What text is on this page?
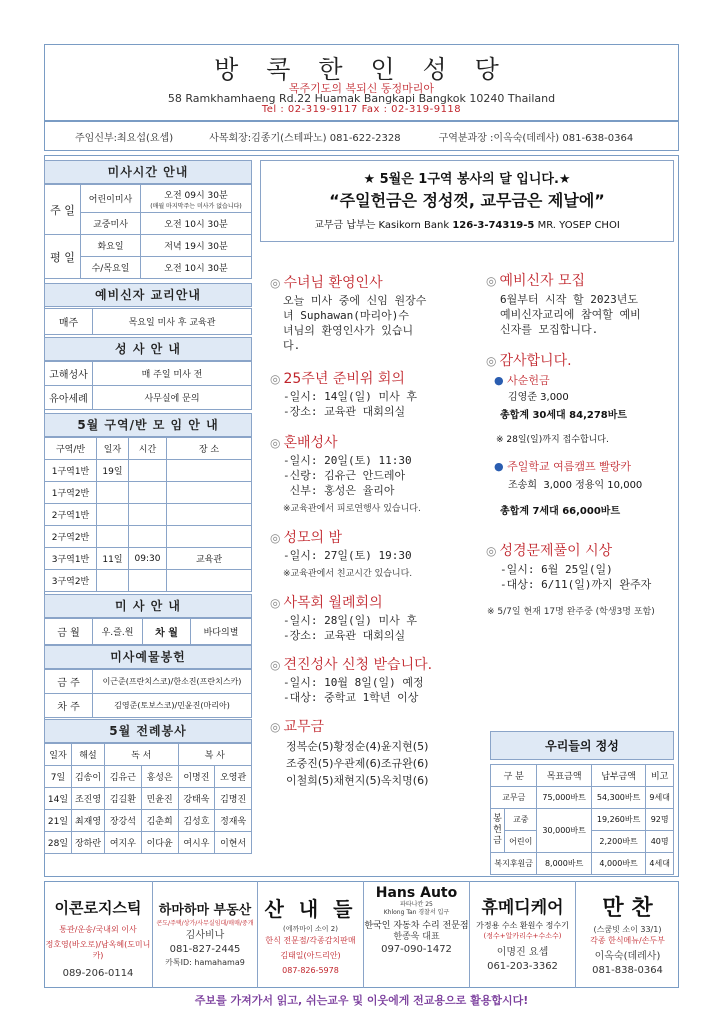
방 콕 한 인 성 당
목주기도의 복되신 동정마리아
58 Ramkhamhaeng Rd.22 Huamak Bangkapi Bangkok 10240 Thailand
Tel : 02-319-9117 Fax : 02-319-9118
주임신부:최요섭(요셉)	사목회장:김종기(스테파노) 081-622-2328	구역분과장 :이옥숙(데레사) 081-638-0364
미사시간 안내
주 일	어린이미사	오전 09시 30분
(매월 마지막주는 미사가 없습니다)

	교중미사	오전 10시 30분
평 일	화요일	저녁 19시 30분
	수/목요일	오전 10시 30분
예비신자 교리안내
매주	목요일 미사 후 교육관
성 사 안 내
고해성사	매 주일 미사 전
유아세례	사무실에 문의
5월 구역/반 모 임 안 내
구역/반	일자	시간	장 소
1구역1반	19일		
1구역2반			
2구역1반			
2구역2반			
3구역1반	11일	09:30	교육관
3구역2반			
미 사 안 내
금 월	우.즐.원	차 월	바다의별
미사예물봉헌
금 주	이근준(프란치스코)/한소진(프란치스카)
차 주	김영준(토보스코)/민윤진(마리아)
5월 전례봉사
일자	해설	독 서		복 사	
7일	김송이	김유근	홍성은	이명진	오영관
14일	조진영	김길환	민윤진	강태욱	김명진
21일	최재영	장강석	김춘희	김성호	정재욱
28일	장하란	여지우	이다윤	여시우	이현서
★ 5월은 1구역 봉사의 달 입니다.★
“주일헌금은 정성껏, 교무금은 제날에”
교무금 납부는 Kasikorn Bank 126-3-74319-5 MR. YOSEP CHOI
◎ 수녀님 환영인사
오늘 미사 중에 신임 원장수
녀 Suphawan(마리아)수
녀님의 환영인사가 있습니
다.
◎ 25주년 준비위 회의
-일시: 14일(일) 미사 후
-장소: 교육관 대회의실
◎ 혼배성사
-일시: 20일(토) 11:30
-신랑: 김유근 안드레아
신부: 홍성은 율리아
※교육관에서 피로연행사 있습니다.
◎ 성모의 밤
-일시: 27일(토) 19:30
※교육관에서 친교시간 있습니다.
◎ 사목회 월례회의
-일시: 28일(일) 미사 후
-장소: 교육관 대회의실
◎ 견진성사 신청 받습니다.
-일시: 10월 8일(일) 예정
-대상: 중학교 1학년 이상
◎ 교무금
정복순(5)황정순(4)윤지현(5)
조중진(5)우관제(6)조규완(6)
이철희(5)채현지(5)옥치명(6)
◎ 예비신자 모집
6월부터 시작 할 2023년도
예비신자교리에 참여할 예비
신자를 모집합니다.
◎ 감사합니다.
● 사순헌금
김영준 3,000
총합계 30세대 84,278바트
※ 28일(일)까지 접수합니다.
● 주일학교 여름캠프 빨랑카
조송희  3,000 정용익 10,000
총합계 7세대 66,000바트
◎ 성경문제풀이 시상
-일시: 6월 25일(일)
-대상: 6/11(일)까지 완주자
※ 5/7일 현재 17명 완주중 (학생3명 포함)
우리들의 정성
구 분		목표금액	납부금액	비고
교무금		75,000바트	54,300바트	9세대
봉헌금	교중	30,000바트	19,260바트	92명
	어린이		2,200바트	40명
복지후원금		8,000바트	4,000바트	4세대
이콘로지스틱
통관/운송/국내외 이사
정호영(바오로)/남옥혜(도미니카)
089-206-0114
하마하마 부동산
콘도/주택/상가/사무실임대/매매/중개
김사비나
081-827-2445
카톡ID: hamahama9
산 내 들
(에까마이 소이 2)
한식 전문점/각종감치판매
김태일(아드리안)
087-826-5978
Hans Auto
파타나칸 25
Khlong Tan 경찰서 입구
한국인 자동차 수리 전문점
한종욱 대표
097-090-1472
휴메디케어
가정용 수소 환원수 정수기
(정수+알카리수+수소수)
이명진 요셉
061-203-3362
만 찬
(스쿰빗 소이 33/1)
각종 한식메뉴/손두부
이옥숙(데레사)
081-838-0364
주보를 가져가서 읽고, 쉬는교우 및 이웃에게 전교용으로 활용합시다!
